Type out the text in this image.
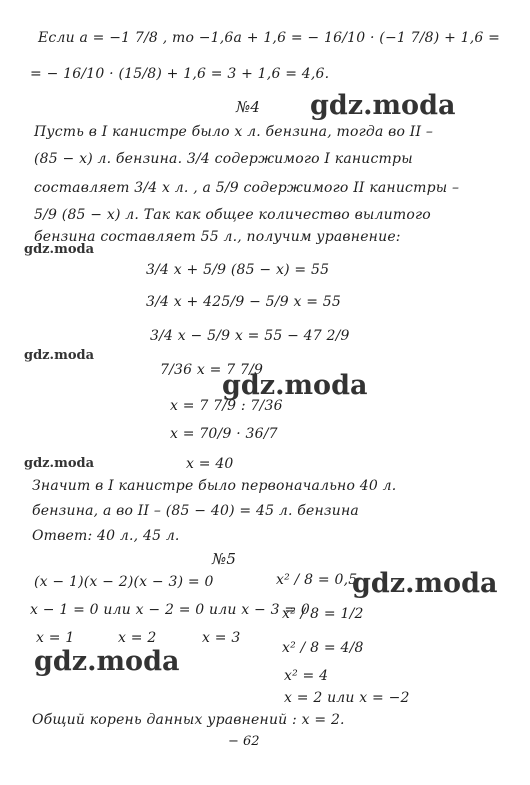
Если a = −1 7/8 , то −1,6a + 1,6 = − 16/10 · (−1 7/8) + 1,6 =
= − 16/10 · (15/8) + 1,6 = 3 + 1,6 = 4,6.
№4 gdz.moda
Пусть в I канистре было x л. бензина, тогда во II –
(85 − x) л. бензина. 3/4 содержимого I канистры
составляет 3/4 x л. , а 5/9 содержимого II канистры –
5/9 (85 − x) л. Так как общее количество вылитого
бензина составляет 55 л., получим уравнение:
gdz.moda
3/4 x + 5/9 (85 − x) = 55
3/4 x + 425/9 − 5/9 x = 55
3/4 x − 5/9 x = 55 − 47 2/9
gdz.moda
7/36 x = 7 7/9
gdz.moda
x = 7 7/9 : 7/36
x = 70/9 · 36/7
gdz.moda	x = 40
Значит в I канистре было первоначально 40 л.
бензина, а во II – (85 − 40) = 45 л. бензина
Ответ: 40 л., 45 л.
№5
(x − 1)(x − 2)(x − 3) = 0	x² / 8 = 0,5
gdz.moda
x − 1 = 0 или x − 2 = 0 или x − 3 = 0
x² / 8 = 1/2
x = 1	x = 2	x = 3
gdz.moda	x² / 8 = 4/8
x² = 4
x = 2 или x = −2
Общий корень данных уравнений : x = 2.
− 62
